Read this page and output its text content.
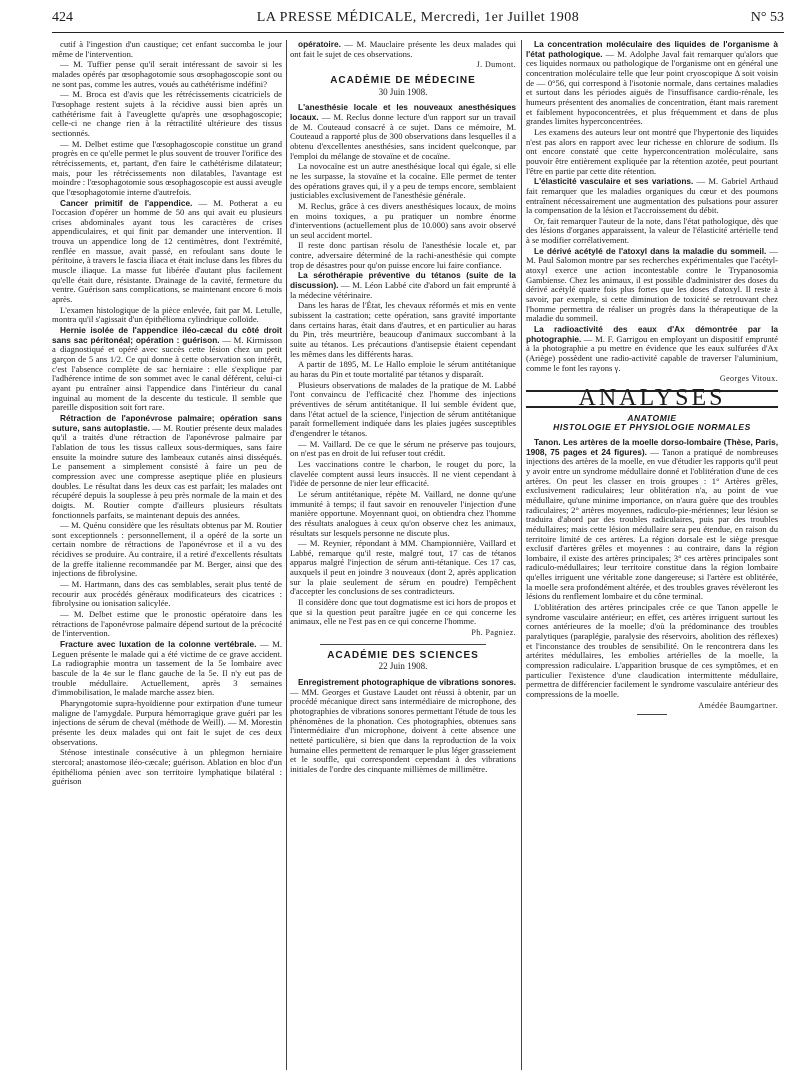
424	LA PRESSE MÉDICALE, Mercredi, 1er Juillet 1908	N° 53

cutif à l'ingestion d'un caustique; cet enfant succomba le jour même de l'intervention.

— M. Tuffier pense qu'il serait intéressant de savoir si les malades opérés par œsophagotomie sous œsophagoscopie sont ou ne sont pas, comme les autres, voués au cathétérisme indéfini?

— M. Broca est d'avis que les rétrécissements cicatriciels de l'œsophage restent sujets à la récidive aussi bien après un cathétérisme fait à l'aveuglette qu'après une œsophagoscopie; celle-ci ne change rien à la rétractilité ultérieure des tissus sectionnés.

— M. Delbet estime que l'œsophagoscopie constitue un grand progrès en ce qu'elle permet le plus souvent de trouver l'orifice des rétrécissements, et, partant, d'en faire le cathétérisme dilatateur; mais, pour les rétrécissements non dilatables, l'avantage est moindre : l'œsophagotomie sous œsophagoscopie est aussi aveugle que l'œsophagotomie interne d'autrefois.

Cancer primitif de l'appendice. — M. Potherat a eu l'occasion d'opérer un homme de 50 ans qui avait eu plusieurs crises abdominales ayant tous les caractères de crises appendiculaires, et qui finit par demander une intervention. Il trouva un appendice long de 12 centimètres, dont l'extrémité, renflée en massue, avait passé, en refoulant sans doute le péritoine, à travers le fascia iliaca et était incluse dans les fibres du muscle iliaque. La masse fut libérée d'autant plus facilement qu'elle était dure, résistante. Drainage de la cavité, fermeture du ventre. Guérison sans complications, se maintenant encore 6 mois après.

L'examen histologique de la pièce enlevée, fait par M. Letulle, montra qu'il s'agissait d'un épithélioma cylindrique colloïde.

Hernie isolée de l'appendice iléo-cæcal du côté droit sans sac péritonéal; opération : guérison. — M. Kirmisson a diagnostiqué et opéré avec succès cette lésion chez un petit garçon de 5 ans 1/2. Ce qui donne à cette observation son intérêt, c'est l'absence complète de sac herniaire : elle s'explique par l'adhérence intime de son sommet avec le canal déférent, celui-ci ayant pu entraîner ainsi l'appendice dans l'intérieur du canal inguinal au moment de la descente du testicule. Il semble que pareille disposition soit fort rare.

Rétraction de l'aponévrose palmaire; opération sans suture, sans autoplastie. — M. Routier présente deux malades qu'il a traités d'une rétraction de l'aponévrose palmaire par l'ablation de tous les tissus calleux sous-dermiques, sans faire ensuite la moindre suture des lambeaux cutanés ainsi disséqués. Le pansement a simplement consisté à faire un peu de compression avec une compresse aseptique pliée en plusieurs doubles. Le résultat dans les deux cas est parfait; les malades ont récupéré depuis la souplesse à peu près normale de la main et des doigts. M. Routier compte d'ailleurs plusieurs résultats fonctionnels parfaits, se maintenant depuis des années.

— M. Quénu considère que les résultats obtenus par M. Routier sont exceptionnels : personnellement, il a opéré de la sorte un certain nombre de rétractions de l'aponévrose et il a vu des récidives se produire. Au contraire, il a retiré d'excellents résultats de la greffe italienne recommandée par M. Berger, ainsi que des injections de fibrolysine.

— M. Hartmann, dans des cas semblables, serait plus tenté de recourir aux procédés généraux modificateurs des cicatrices : fibrolysine ou ionisation salicylée.

— M. Delbet estime que le pronostic opératoire dans les rétractions de l'aponévrose palmaire dépend surtout de la précocité de l'intervention.

Fracture avec luxation de la colonne vertébrale. — M. Leguen présente le malade qui a été victime de ce grave accident. La radiographie montra un tassement de la 5e lombaire avec bascule de la 4e sur le flanc gauche de la 5e. Il n'y eut pas de trouble médullaire. Actuellement, après 3 semaines d'immobilisation, le malade marche assez bien.

Pharyngotomie supra-hyoïdienne pour extirpation d'une tumeur maligne de l'amygdale. Purpura hémorragique grave guéri par les injections de sérum de cheval (méthode de Weill). — M. Morestin présente les deux malades qui ont fait le sujet de ces deux observations.

Sténose intestinale consécutive à un phlegmon herniaire stercoral; anastomose iléo-cæcale; guérison. Ablation en bloc d'un épithélioma pénien avec son territoire lymphatique bilatéral : guérison

opératoire. — M. Mauclaire présente les deux malades qui ont fait le sujet de ces observations.

J. Dumont.
ACADÉMIE DE MÉDECINE
30 Juin 1908.

L'anesthésie locale et les nouveaux anesthésiques locaux. — M. Reclus donne lecture d'un rapport sur un travail de M. Couteaud consacré à ce sujet. Dans ce mémoire, M. Couteaud a rapporté plus de 300 observations dans lesquelles il a obtenu d'excellentes anesthésies, sans incident quelconque, par l'emploi du mélange de stovaïne et de cocaïne.

La novocaïne est un autre anesthésique local qui égale, si elle ne les surpasse, la stovaïne et la cocaïne. Elle permet de tenter des opérations graves qui, il y a peu de temps encore, semblaient justiciables exclusivement de l'anesthésie générale.

M. Reclus, grâce à ces divers anesthésiques locaux, de moins en moins toxiques, a pu pratiquer un nombre énorme d'interventions (actuellement plus de 10.000) sans avoir observé un seul accident mortel.

Il reste donc partisan résolu de l'anesthésie locale et, par contre, adversaire déterminé de la rachi-anesthésie qui compte trop de désastres pour qu'on puisse encore lui faire confiance.

La sérothérapie préventive du tétanos (suite de la discussion). — M. Léon Labbé cite d'abord un fait emprunté à la médecine vétérinaire.

Dans les haras de l'État, les chevaux réformés et mis en vente subissent la castration; cette opération, sans gravité importante dans certains haras, était dans d'autres, et en particulier au haras du Pin, très meurtrière, beaucoup d'animaux succombant à la suite au tétanos. Les précautions d'antisepsie étaient cependant les mêmes dans les différents haras.

A partir de 1895, M. Le Hallo emploie le sérum antitétanique au haras du Pin et toute mortalité par tétanos y disparaît.

Plusieurs observations de malades de la pratique de M. Labbé l'ont convaincu de l'efficacité chez l'homme des injections préventives de sérum antitétanique. Il lui semble évident que, dans l'état actuel de la science, l'injection de sérum antitétanique paraît formellement indiquée dans les plaies jugées susceptibles d'engendrer le tétanos.

— M. Vaillard. De ce que le sérum ne préserve pas toujours, on n'est pas en droit de lui refuser tout crédit.

Les vaccinations contre le charbon, le rouget du porc, la clavelée comptent aussi leurs insuccès. Il ne vient cependant à l'idée de personne de nier leur efficacité.

Le sérum antitétanique, répète M. Vaillard, ne donne qu'une immunité à temps; il faut savoir en renouveler l'injection d'une manière opportune. Moyennant quoi, on obtiendra chez l'homme des résultats analogues à ceux qu'on observe chez les animaux, résultats sur lesquels personne ne discute plus.

— M. Reynier, répondant à MM. Championnière, Vaillard et Labbé, remarque qu'il reste, malgré tout, 17 cas de tétanos apparus malgré l'injection de sérum anti-tétanique. Ces 17 cas, auxquels il peut en joindre 3 nouveaux (dont 2, après application sur la plaie seulement de sérum en poudre) l'empêchent d'accepter les conclusions de ses contradicteurs.

Il considère donc que tout dogmatisme est ici hors de propos et que si la question peut paraître jugée en ce qui concerne les animaux, elle ne l'est pas en ce qui concerne l'homme.

Ph. Pagniez.
ACADÉMIE DES SCIENCES
22 Juin 1908.

Enregistrement photographique de vibrations sonores. — MM. Georges et Gustave Laudet ont réussi à obtenir, par un procédé mécanique direct sans intermédiaire de microphone, des photographies de vibrations sonores permettant l'étude de tous les phénomènes de la phonation. Ces photographies, obtenues sans l'intermédiaire d'un microphone, doivent à cette absence une netteté particulière, si bien que dans la reproduction de la voix humaine elles permettent de remarquer le plus léger grasseiement et le souffle, qui correspondent cependant à des vibrations initiales de l'ordre des cinquante millièmes de millimètre.

La concentration moléculaire des liquides de l'organisme à l'état pathologique. — M. Adolphe Javal fait remarquer qu'alors que ces liquides normaux ou pathologique de l'organisme ont en général une concentration moléculaire telle que leur point cryoscopique Δ soit voisin de — 0°56, qui correspond à l'isotonie normale, dans certaines maladies et surtout dans les périodes aiguës de l'insuffisance cardio-rénale, les humeurs présentent des anomalies de concentration, étant mais rarement et faiblement hypoconcentrées, et plus fréquemment et dans de plus grandes limites hyperconcentrées.

Les examens des auteurs leur ont montré que l'hypertonie des liquides n'est pas alors en rapport avec leur richesse en chlorure de sodium. Ils ont encore constaté que cette hyperconcentration moléculaire, sans pouvoir être entièrement expliquée par la rétention azotée, peut pourtant l'être en partie par cette dite rétention.

L'élasticité vasculaire et ses variations. — M. Gabriel Arthaud fait remarquer que les maladies organiques du cœur et des poumons entraînent nécessairement une augmentation des pulsations pour assurer la compensation de la lésion et l'accroissement du débit.

Or, fait remarquer l'auteur de la note, dans l'état pathologique, dès que des lésions d'organes apparaissent, la valeur de l'élasticité artérielle tend à se modifier corrélativement.

Le dérivé acétylé de l'atoxyl dans la maladie du sommeil. — M. Paul Salomon montre par ses recherches expérimentales que l'acétyl-atoxyl exerce une action incontestable contre le Trypanosomia Gambiense. Chez les animaux, il est possible d'administrer des doses du dérivé acétylé quatre fois plus fortes que les doses d'atoxyl. Il reste à savoir, par exemple, si cette diminution de toxicité se retrouvant chez l'homme permettra de réaliser un progrès dans la thérapeutique de la maladie du sommeil.

La radioactivité des eaux d'Ax démontrée par la photographie. — M. F. Garrigou en employant un dispositif emprunté à la photographie a pu mettre en évidence que les eaux sulfurées d'Ax (Ariège) possèdent une radio-activité capable de traverser l'aluminium, comme le font les rayons γ.

Georges Vitoux.
ANALYSES
ANATOMIE
HISTOLOGIE ET PHYSIOLOGIE NORMALES

Tanon. Les artères de la moelle dorso-lombaire (Thèse, Paris, 1908, 75 pages et 24 figures). — Tanon a pratiqué de nombreuses injections des artères de la moelle, en vue d'étudier les rapports qu'il peut y avoir entre un syndrome médullaire donné et l'oblitération d'une de ces artères. On peut les classer en trois groupes : 1° Artères grêles, exclusivement radiculaires; leur oblitération n'a, au point de vue médullaire, qu'une minime importance, on n'aura guère que des troubles radiculaires; 2° artères moyennes, radiculo-pie-mériennes; leur lésion se traduira d'abord par des troubles radiculaires, puis par des troubles médullaires; mais cette lésion médullaire sera peu étendue, en raison du territoire limité de ces artères. La région dorsale est le siège presque exclusif d'artères grêles et moyennes : au contraire, dans la région lombaire, il existe des artères principales; 3° ces artères principales sont radiculo-médullaires; leur territoire constitue dans la région lombaire qu'elles irriguent une véritable zone dangereuse; si l'artère est oblitérée, la moelle sera profondément altérée, et des troubles graves révèleront les lésions du renflement lombaire et du cône terminal.

L'oblitération des artères principales crée ce que Tanon appelle le syndrome vasculaire antérieur; en effet, ces artères irriguent surtout les cornes antérieures de la moelle; d'où la prédominance des troubles paralytiques (paraplégie, paralysie des réservoirs, abolition des réflexes) et l'inconstance des troubles de sensibilité. On le rencontrera dans les artérites médullaires, les embolies artérielles de la moelle, la compression radiculaire. L'apparition brusque de ces symptômes, et en particulier l'existence d'une claudication intermittente médullaire, permettra de différencier facilement le syndrome vasculaire antérieur des compressions de la moelle.

Amédée Baumgartner.
